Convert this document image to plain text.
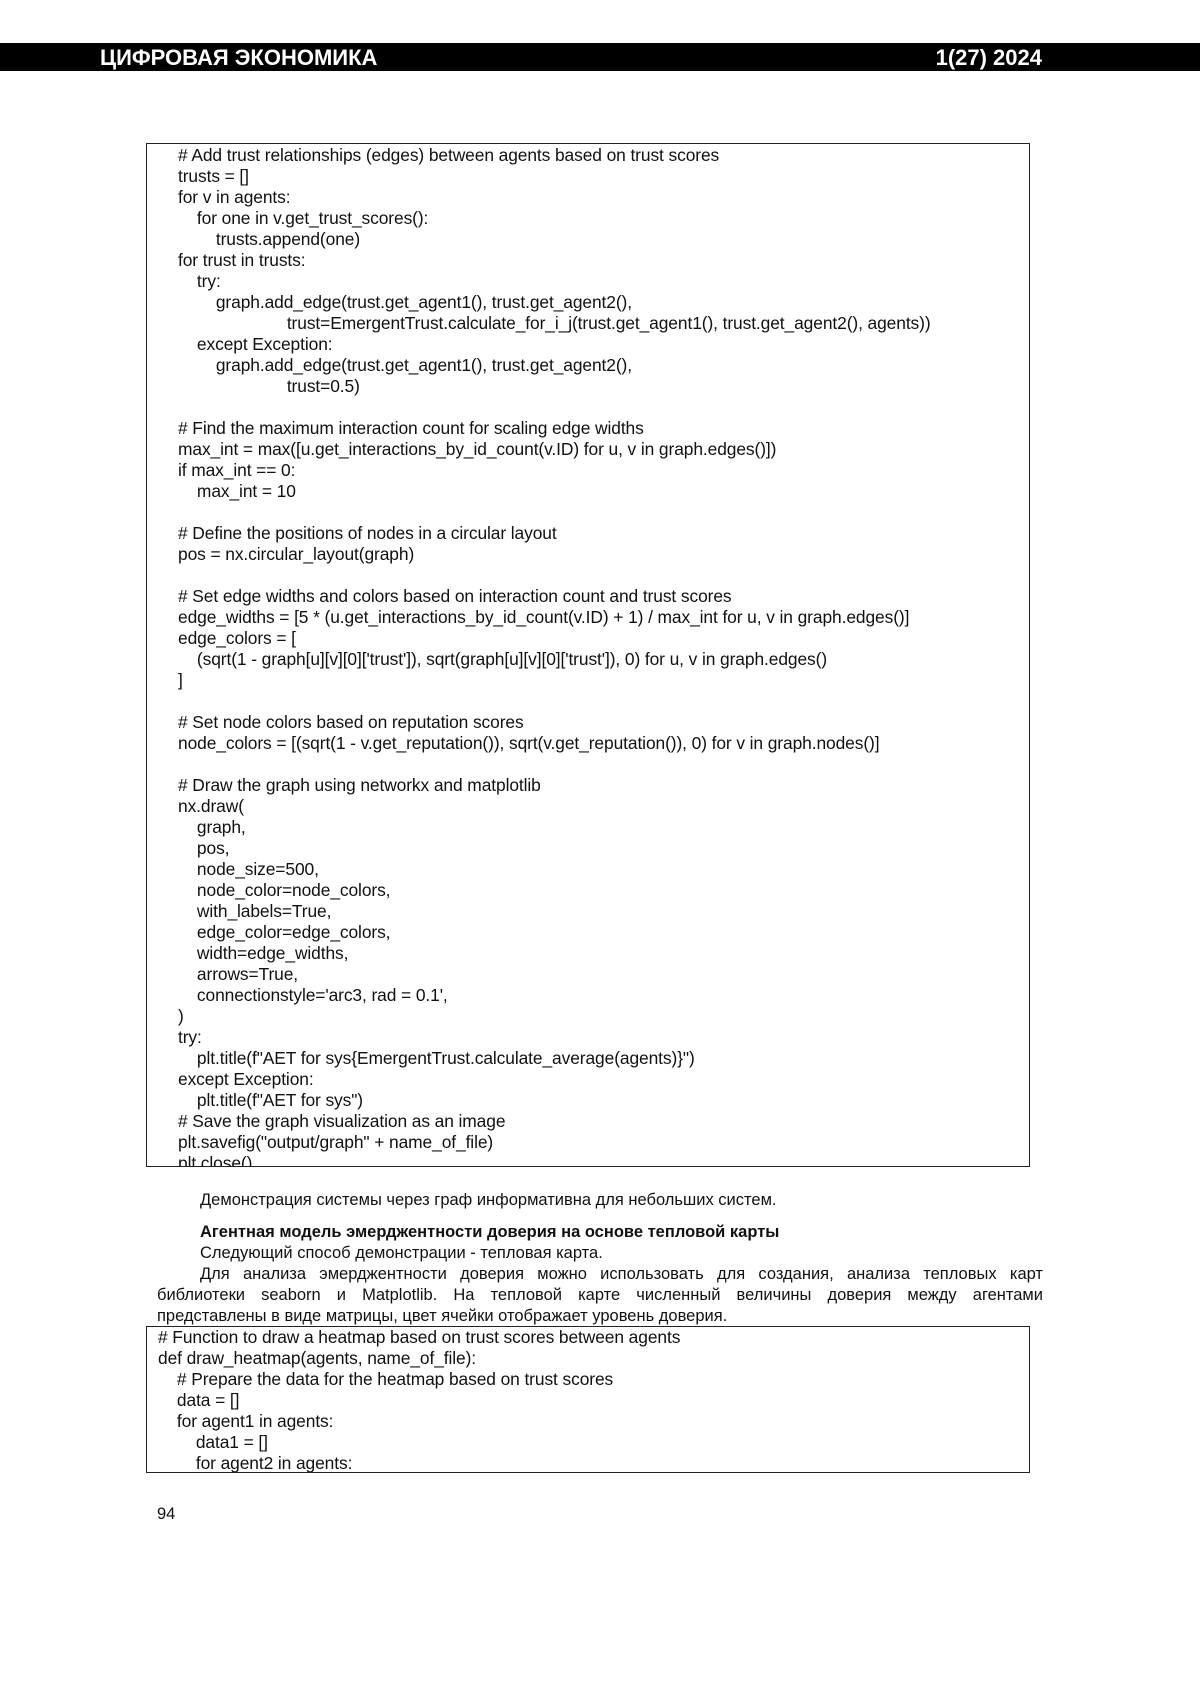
ЦИФРОВАЯ ЭКОНОМИКА	1(27) 2024
# Add trust relationships (edges) between agents based on trust scores
trusts = []
for v in agents:
for one in v.get_trust_scores():
trusts.append(one)
for trust in trusts:
try:
graph.add_edge(trust.get_agent1(), trust.get_agent2(),
trust=EmergentTrust.calculate_for_i_j(trust.get_agent1(), trust.get_agent2(), agents))
except Exception:
graph.add_edge(trust.get_agent1(), trust.get_agent2(),
trust=0.5)
# Find the maximum interaction count for scaling edge widths
max_int = max([u.get_interactions_by_id_count(v.ID) for u, v in graph.edges()])
if max_int == 0:
max_int = 10
# Define the positions of nodes in a circular layout
pos = nx.circular_layout(graph)
# Set edge widths and colors based on interaction count and trust scores
edge_widths = [5 * (u.get_interactions_by_id_count(v.ID) + 1) / max_int for u, v in graph.edges()]
edge_colors = [
(sqrt(1 - graph[u][v][0]['trust']), sqrt(graph[u][v][0]['trust']), 0) for u, v in graph.edges()
]
# Set node colors based on reputation scores
node_colors = [(sqrt(1 - v.get_reputation()), sqrt(v.get_reputation()), 0) for v in graph.nodes()]
# Draw the graph using networkx and matplotlib
nx.draw(
graph,
pos,
node_size=500,
node_color=node_colors,
with_labels=True,
edge_color=edge_colors,
width=edge_widths,
arrows=True,
connectionstyle='arc3, rad = 0.1',
)
try:
plt.title(f"AET for sys{EmergentTrust.calculate_average(agents)}")
except Exception:
plt.title(f"AET for sys")
# Save the graph visualization as an image
plt.savefig("output/graph" + name_of_file)
plt.close()
Демонстрация системы через граф информативна для небольших систем.
Агентная модель эмерджентности доверия на основе тепловой карты
Следующий способ демонстрации - тепловая карта.
Для анализа эмерджентности доверия можно использовать для создания, анализа тепловых карт
библиотеки seaborn и Matplotlib. На тепловой карте численный величины доверия между агентами
представлены в виде матрицы, цвет ячейки отображает уровень доверия.
# Function to draw a heatmap based on trust scores between agents
def draw_heatmap(agents, name_of_file):
# Prepare the data for the heatmap based on trust scores
data = []
for agent1 in agents:
data1 = []
for agent2 in agents:
94
